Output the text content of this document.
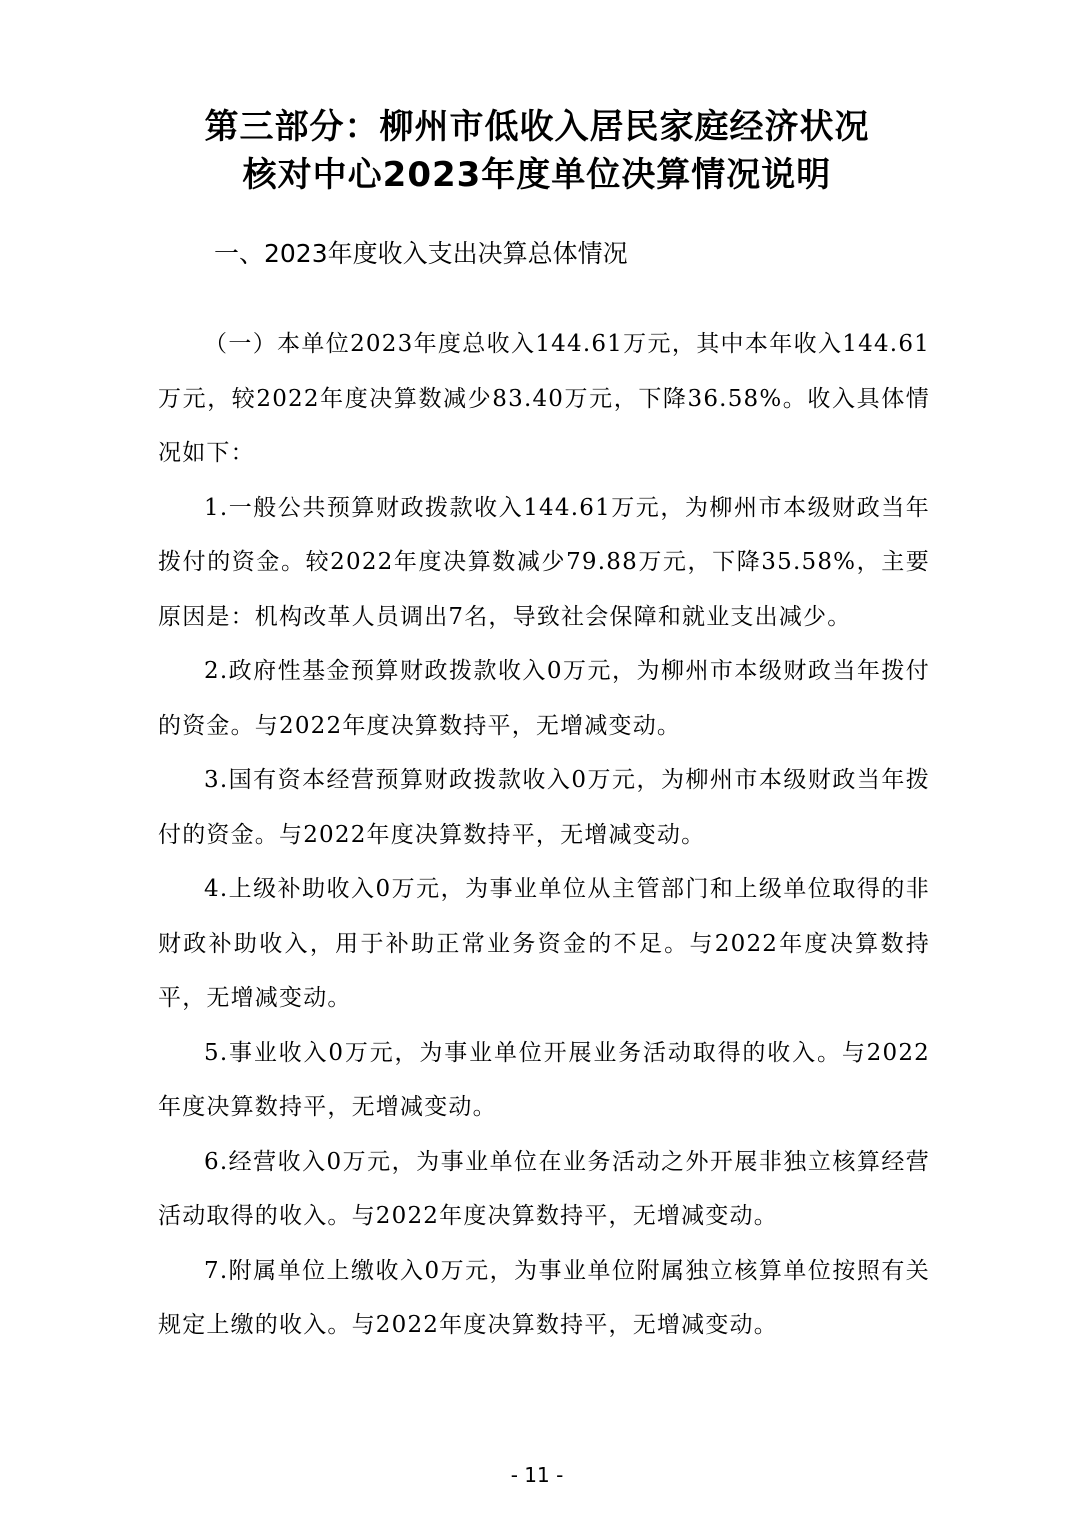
第三部分：柳州市低收入居民家庭经济状况
核对中心2023年度单位决算情况说明
一、2023年度收入支出决算总体情况

（一）本单位2023年度总收入144.61万元，其中本年收入144.61万元，较2022年度决算数减少83.40万元，下降36.58%。收入具体情况如下：

1.一般公共预算财政拨款收入144.61万元，为柳州市本级财政当年拨付的资金。较2022年度决算数减少79.88万元，下降35.58%，主要原因是：机构改革人员调出7名，导致社会保障和就业支出减少。

2.政府性基金预算财政拨款收入0万元，为柳州市本级财政当年拨付的资金。与2022年度决算数持平，无增减变动。

3.国有资本经营预算财政拨款收入0万元，为柳州市本级财政当年拨付的资金。与2022年度决算数持平，无增减变动。

4.上级补助收入0万元，为事业单位从主管部门和上级单位取得的非财政补助收入，用于补助正常业务资金的不足。与2022年度决算数持平，无增减变动。

5.事业收入0万元，为事业单位开展业务活动取得的收入。与2022年度决算数持平，无增减变动。

6.经营收入0万元，为事业单位在业务活动之外开展非独立核算经营活动取得的收入。与2022年度决算数持平，无增减变动。

7.附属单位上缴收入0万元，为事业单位附属独立核算单位按照有关规定上缴的收入。与2022年度决算数持平，无增减变动。

- 11 -
